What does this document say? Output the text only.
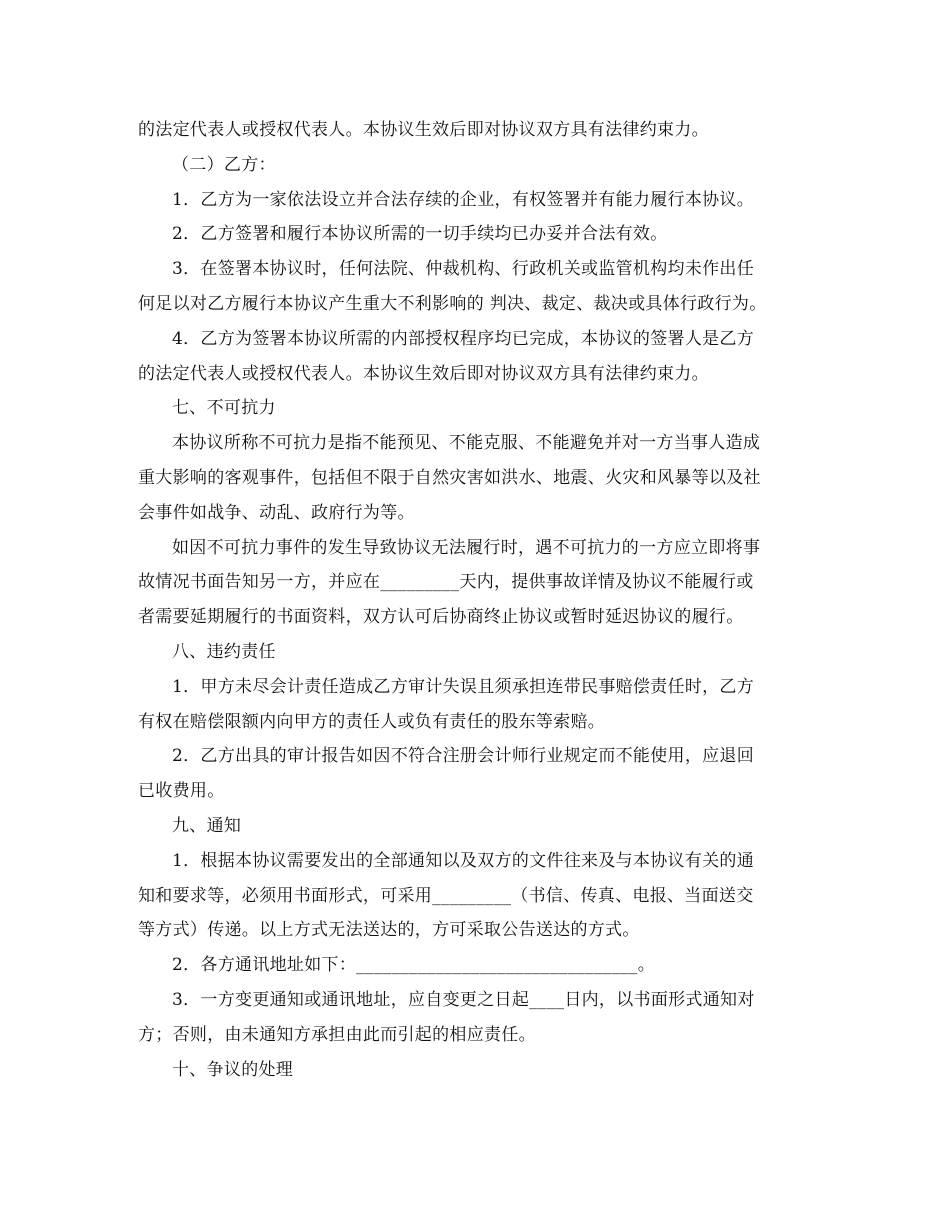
的法定代表人或授权代表人。本协议生效后即对协议双方具有法律约束力。
（二）乙方：
1．乙方为一家依法设立并合法存续的企业，有权签署并有能力履行本协议。
2．乙方签署和履行本协议所需的一切手续均已办妥并合法有效。
3．在签署本协议时，任何法院、仲裁机构、行政机关或监管机构均未作出任
何足以对乙方履行本协议产生重大不利影响的 判决、裁定、裁决或具体行政行为。
4．乙方为签署本协议所需的内部授权程序均已完成，本协议的签署人是乙方
的法定代表人或授权代表人。本协议生效后即对协议双方具有法律约束力。
七、不可抗力
本协议所称不可抗力是指不能预见、不能克服、不能避免并对一方当事人造成
重大影响的客观事件，包括但不限于自然灾害如洪水、地震、火灾和风暴等以及社
会事件如战争、动乱、政府行为等。
如因不可抗力事件的发生导致协议无法履行时，遇不可抗力的一方应立即将事
故情况书面告知另一方，并应在_________天内，提供事故详情及协议不能履行或
者需要延期履行的书面资料，双方认可后协商终止协议或暂时延迟协议的履行。
八、违约责任
1．甲方未尽会计责任造成乙方审计失误且须承担连带民事赔偿责任时，乙方
有权在赔偿限额内向甲方的责任人或负有责任的股东等索赔。
2．乙方出具的审计报告如因不符合注册会计师行业规定而不能使用，应退回
已收费用。
九、通知
1．根据本协议需要发出的全部通知以及双方的文件往来及与本协议有关的通
知和要求等，必须用书面形式，可采用_________（书信、传真、电报、当面送交
等方式）传递。以上方式无法送达的，方可采取公告送达的方式。
2．各方通讯地址如下：________________________________。
3．一方变更通知或通讯地址，应自变更之日起____日内，以书面形式通知对
方；否则，由未通知方承担由此而引起的相应责任。
十、争议的处理
